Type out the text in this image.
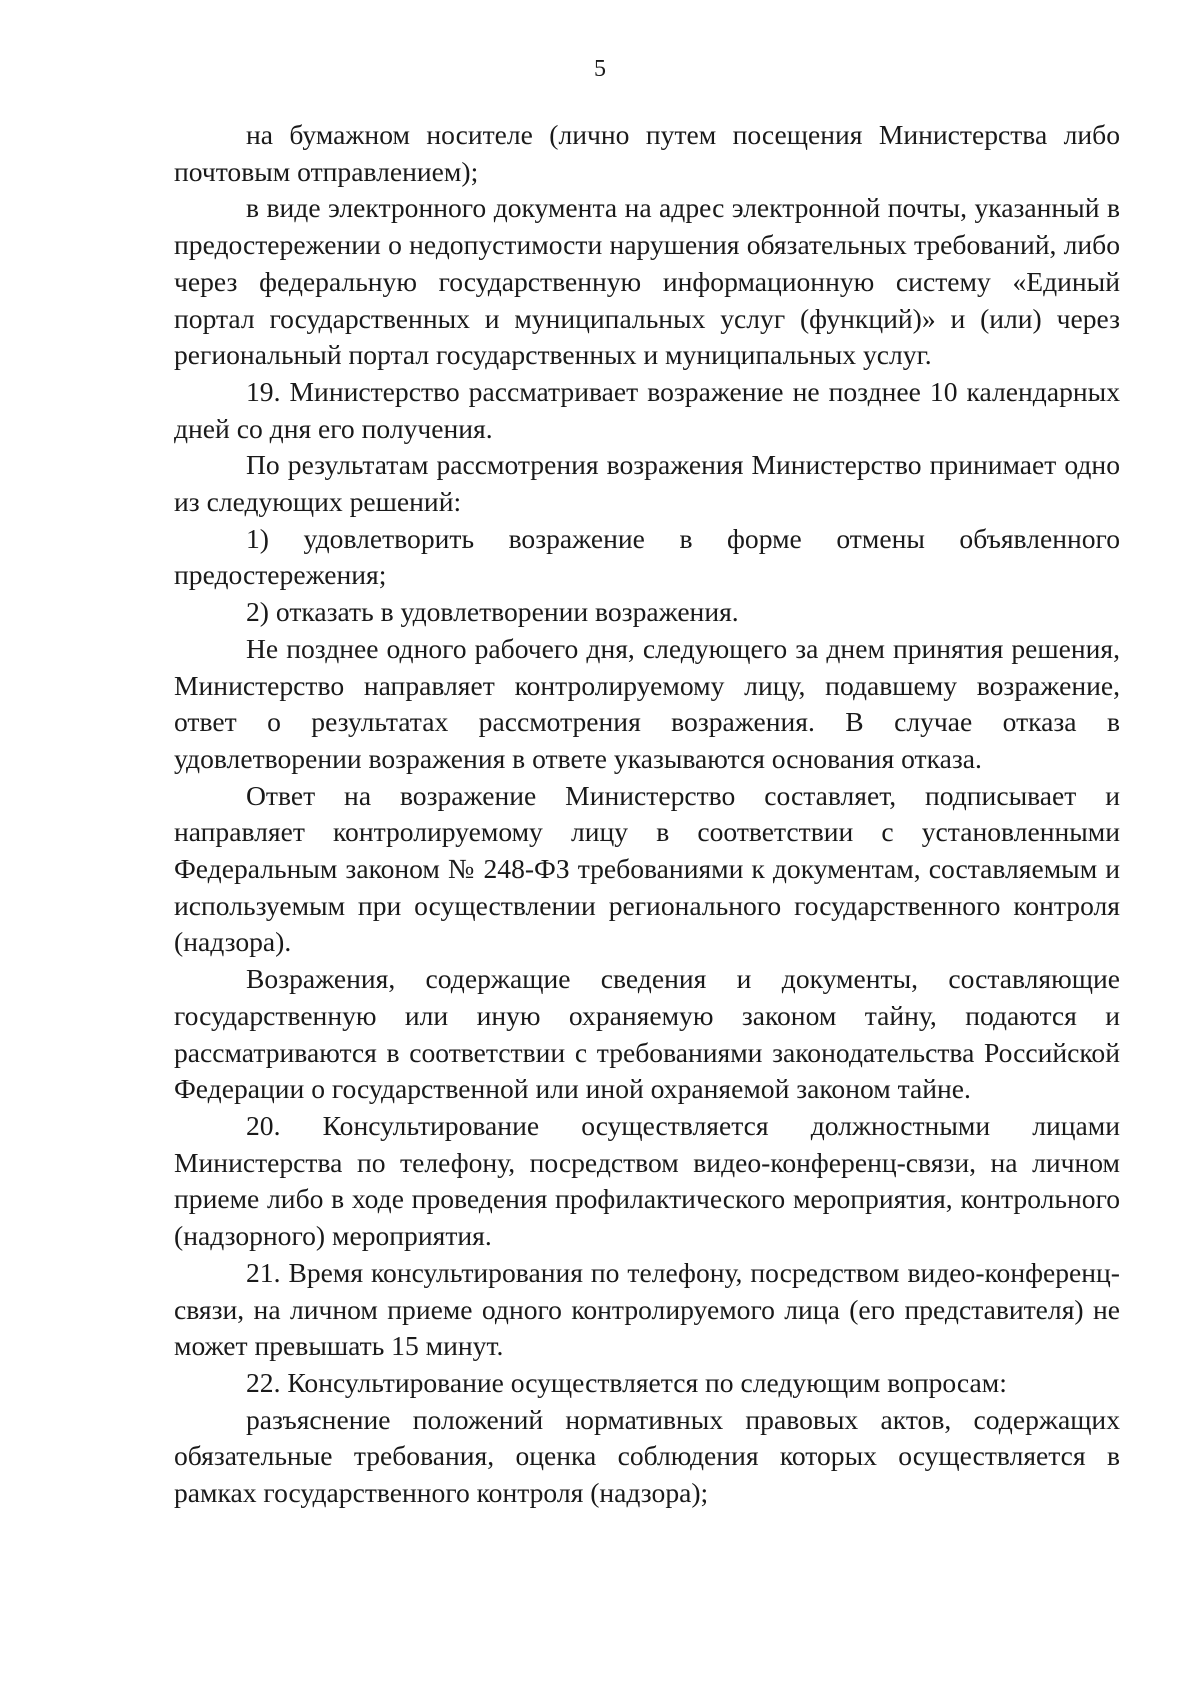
5

на бумажном носителе (лично путем посещения Министерства либо почтовым отправлением);

в виде электронного документа на адрес электронной почты, указанный в предостережении о недопустимости нарушения обязательных требований, либо через федеральную государственную информационную систему «Единый портал государственных и муниципальных услуг (функций)» и (или) через региональный портал государственных и муниципальных услуг.

19. Министерство рассматривает возражение не позднее 10 календарных дней со дня его получения.

По результатам рассмотрения возражения Министерство принимает одно из следующих решений:

1) удовлетворить возражение в форме отмены объявленного предостережения;

2) отказать в удовлетворении возражения.

Не позднее одного рабочего дня, следующего за днем принятия решения, Министерство направляет контролируемому лицу, подавшему возражение, ответ о результатах рассмотрения возражения. В случае отказа в удовлетворении возражения в ответе указываются основания отказа.

Ответ на возражение Министерство составляет, подписывает и направляет контролируемому лицу в соответствии с установленными Федеральным законом № 248-ФЗ требованиями к документам, составляемым и используемым при осуществлении регионального государственного контроля (надзора).

Возражения, содержащие сведения и документы, составляющие государственную или иную охраняемую законом тайну, подаются и рассматриваются в соответствии с требованиями законодательства Российской Федерации о государственной или иной охраняемой законом тайне.

20. Консультирование осуществляется должностными лицами Министерства по телефону, посредством видео-конференц-связи, на личном приеме либо в ходе проведения профилактического мероприятия, контрольного (надзорного) мероприятия.

21. Время консультирования по телефону, посредством видео-конференц-связи, на личном приеме одного контролируемого лица (его представителя) не может превышать 15 минут.

22. Консультирование осуществляется по следующим вопросам:

разъяснение положений нормативных правовых актов, содержащих обязательные требования, оценка соблюдения которых осуществляется в рамках государственного контроля (надзора);
